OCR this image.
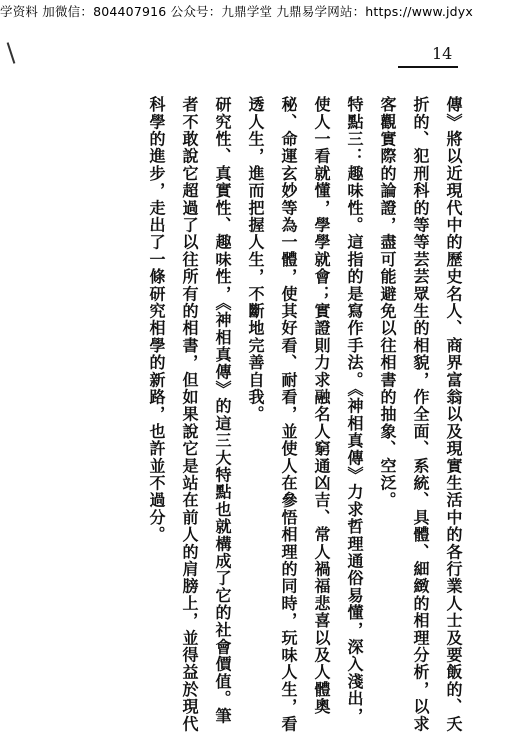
学资料 加微信：804407916 公众号：九鼎学堂 九鼎易学网站：https://www.jdyx
14

傳》將以近現代中的歷史名人、商界富翁以及現實生活中的各行業人士及要飯的、夭折的、犯刑科的等等芸芸眾生的相貌，作全面、系統、具體、細緻的相理分析，以求客觀實際的論證，盡可能避免以往相書的抽象、空泛。

特點三：趣味性。這指的是寫作手法。《神相真傳》力求哲理通俗易懂，深入淺出，使人一看就懂，學學就會；實證則力求融名人窮通凶吉、常人禍福悲喜以及人體奧秘、命運玄妙等為一體，使其好看、耐看，並使人在參悟相理的同時，玩味人生，看透人生，進而把握人生，不斷地完善自我。

研究性、真實性、趣味性，《神相真傳》的這三大特點也就構成了它的社會價值。筆者不敢說它超過了以往所有的相書，但如果說它是站在前人的肩膀上，並得益於現代科學的進步，走出了一條研究相學的新路，也許並不過分。
